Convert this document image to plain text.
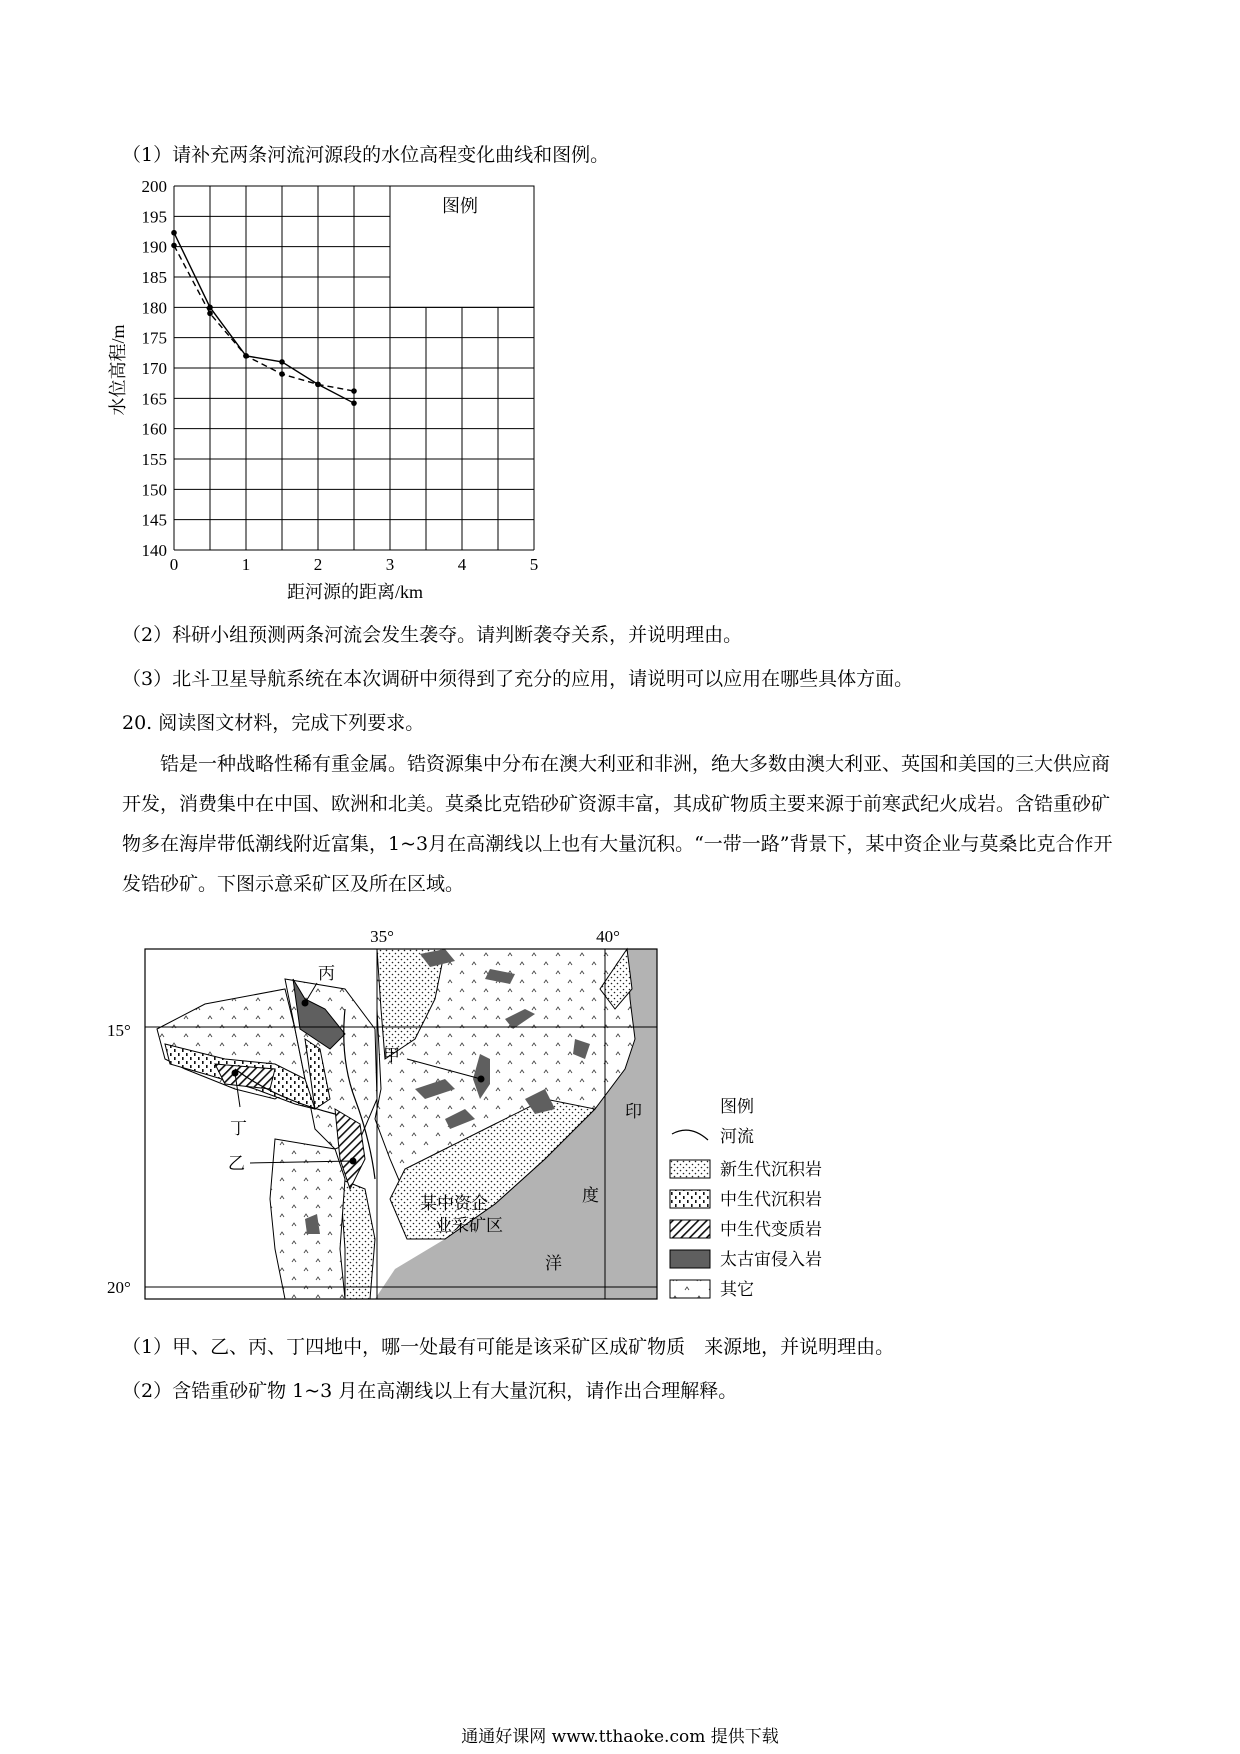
（1）请补充两条河流河源段的水位高程变化曲线和图例。
0	1	2	3	4	5
140
145
150
155
160
165
170
175
180
185
190
195
200
图例
距河源的距离/km
水位高程/m
（2）科研小组预测两条河流会发生袭夺。请判断袭夺关系，并说明理由。
（3）北斗卫星导航系统在本次调研中须得到了充分的应用，请说明可以应用在哪些具体方面。
20. 阅读图文材料，完成下列要求。
锆是一种战略性稀有重金属。锆资源集中分布在澳大利亚和非洲，绝大多数由澳大利亚、英国和美国的三大供应商开发，消费集中在中国、欧洲和北美。莫桑比克锆砂矿资源丰富，其成矿物质主要来源于前寒武纪火成岩。含锆重砂矿物多在海岸带低潮线附近富集，1~3月在高潮线以上也有大量沉积。“一带一路”背景下，某中资企业与莫桑比克合作开发锆砂矿。下图示意采矿区及所在区域。
35°	40°
15°
20°
丙
甲
丁
乙
印
度
洋
某中资企
业采矿区
图例
河流
新生代沉积岩
中生代沉积岩
中生代变质岩
太古宙侵入岩
其它
（1）甲、乙、丙、丁四地中，哪一处最有可能是该采矿区成矿物质　来源地，并说明理由。
（2）含锆重砂矿物 1~3 月在高潮线以上有大量沉积，请作出合理解释。
通通好课网 www.tthaoke.com 提供下载
